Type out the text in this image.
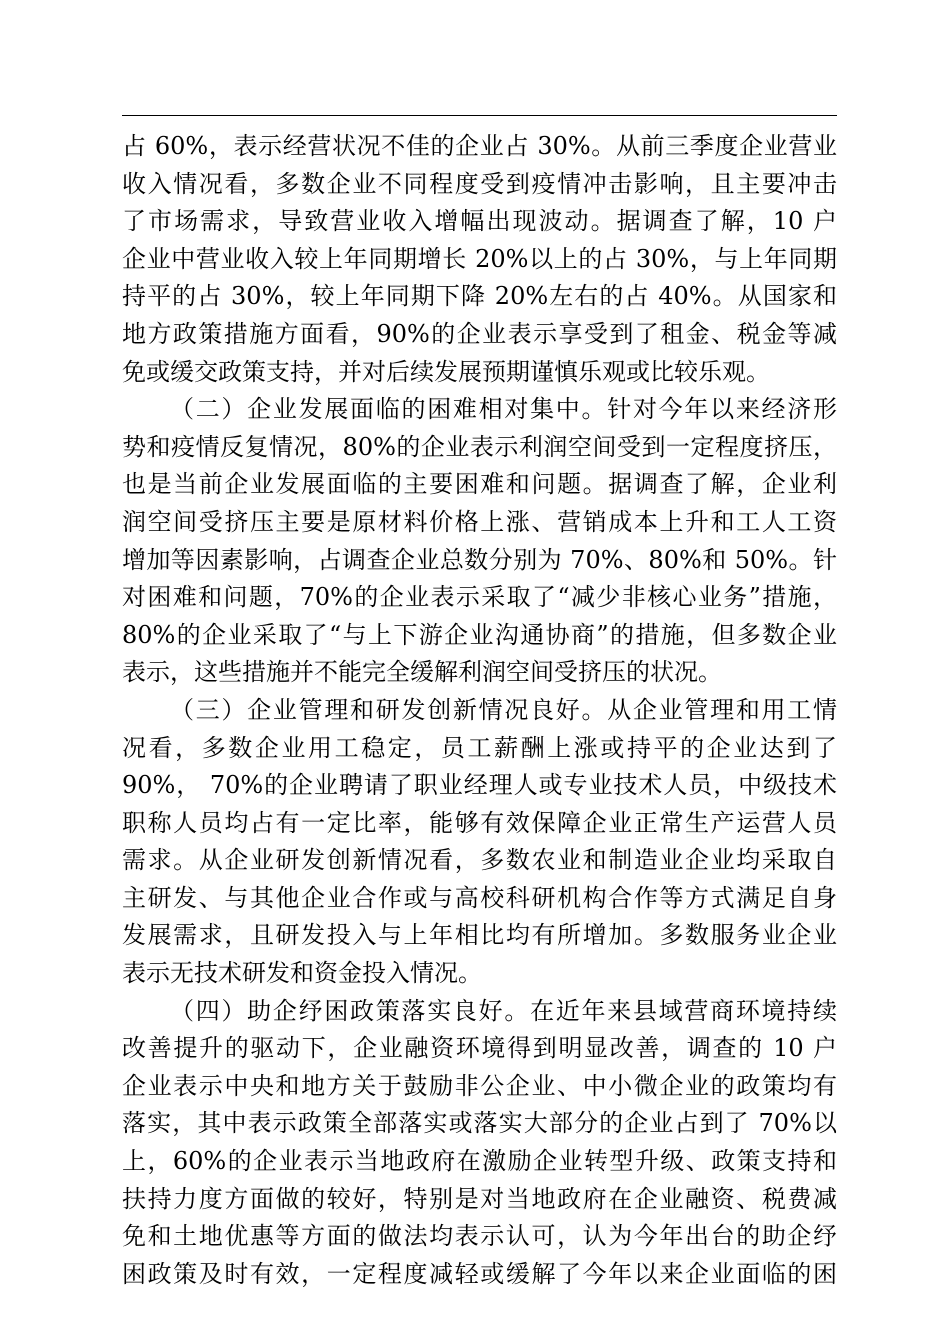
占 60%，表示经营状况不佳的企业占 30%。从前三季度企业营业
收入情况看，多数企业不同程度受到疫情冲击影响，且主要冲击
了市场需求，导致营业收入增幅出现波动。据调查了解，10 户
企业中营业收入较上年同期增长 20%以上的占 30%，与上年同期
持平的占 30%，较上年同期下降 20%左右的占 40%。从国家和
地方政策措施方面看，90%的企业表示享受到了租金、税金等减
免或缓交政策支持，并对后续发展预期谨慎乐观或比较乐观。
（二）企业发展面临的困难相对集中。针对今年以来经济形
势和疫情反复情况，80%的企业表示利润空间受到一定程度挤压，
也是当前企业发展面临的主要困难和问题。据调查了解，企业利
润空间受挤压主要是原材料价格上涨、营销成本上升和工人工资
增加等因素影响，占调查企业总数分别为 70%、80%和 50%。针
对困难和问题，70%的企业表示采取了“减少非核心业务”措施，
80%的企业采取了“与上下游企业沟通协商”的措施，但多数企业
表示，这些措施并不能完全缓解利润空间受挤压的状况。
（三）企业管理和研发创新情况良好。从企业管理和用工情
况看，多数企业用工稳定，员工薪酬上涨或持平的企业达到了
90%， 70%的企业聘请了职业经理人或专业技术人员，中级技术
职称人员均占有一定比率，能够有效保障企业正常生产运营人员
需求。从企业研发创新情况看，多数农业和制造业企业均采取自
主研发、与其他企业合作或与高校科研机构合作等方式满足自身
发展需求，且研发投入与上年相比均有所增加。多数服务业企业
表示无技术研发和资金投入情况。
（四）助企纾困政策落实良好。在近年来县域营商环境持续
改善提升的驱动下，企业融资环境得到明显改善，调查的 10 户
企业表示中央和地方关于鼓励非公企业、中小微企业的政策均有
落实，其中表示政策全部落实或落实大部分的企业占到了 70%以
上，60%的企业表示当地政府在激励企业转型升级、政策支持和
扶持力度方面做的较好，特别是对当地政府在企业融资、税费减
免和土地优惠等方面的做法均表示认可，认为今年出台的助企纾
困政策及时有效，一定程度减轻或缓解了今年以来企业面临的困
